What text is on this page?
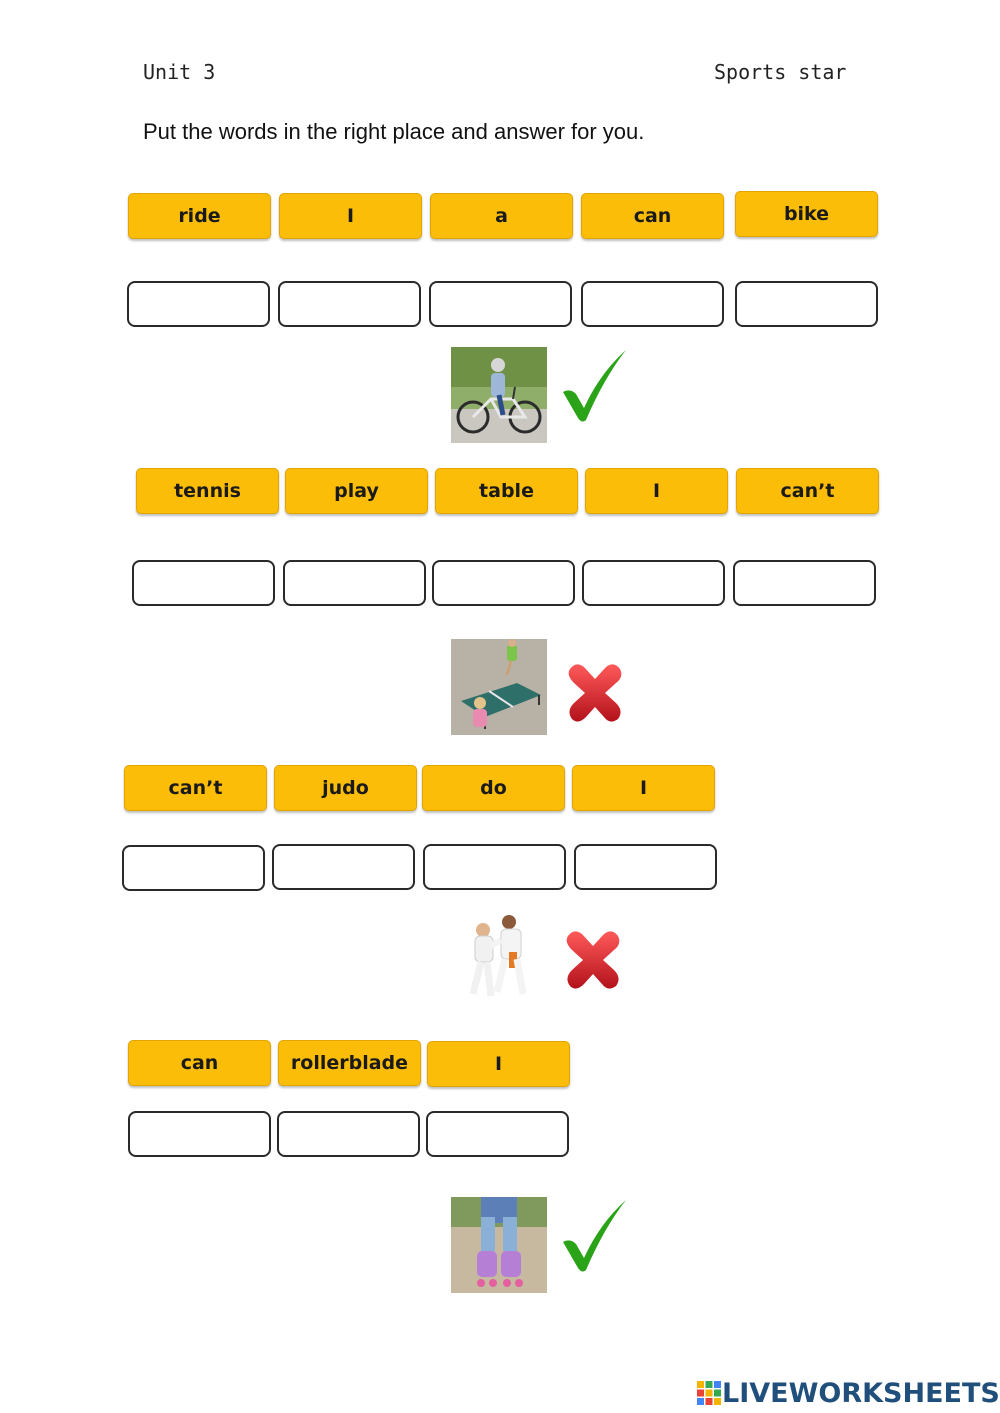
Unit 3	Sports star
Put the words in the right place and answer for you.
ride	I	a	can	bike
tennis	play	table	I	can’t
can’t	judo	do	I
can	rollerblade	I
LIVEWORKSHEETS
